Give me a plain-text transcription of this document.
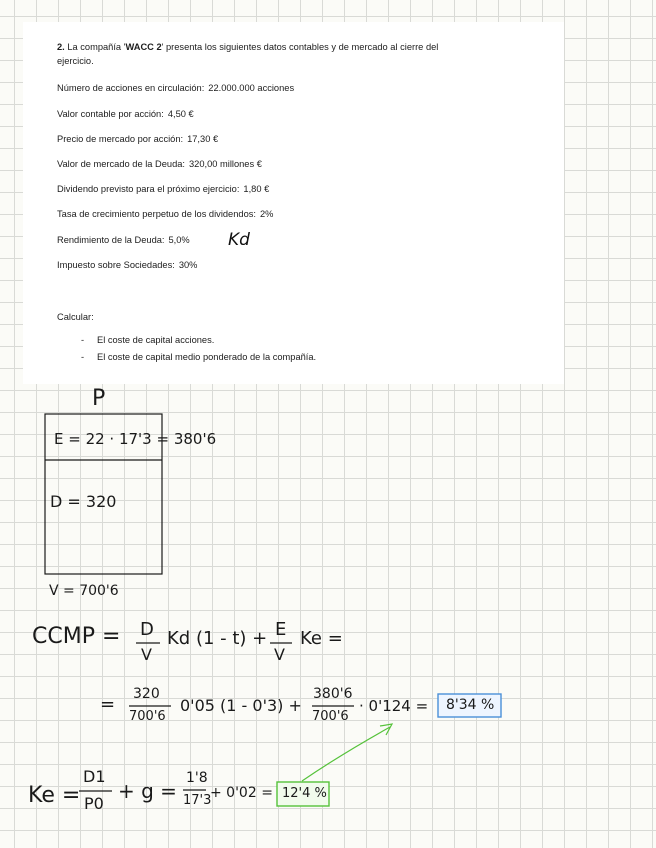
2. La compañía 'WACC 2' presenta los siguientes datos contables y de mercado al cierre del
ejercicio.

Número de acciones en circulación: 22.000.000 acciones
Valor contable por acción: 4,50 €
Precio de mercado por acción: 17,30 €
Valor de mercado de la Deuda: 320,00 millones €
Dividendo previsto para el próximo ejercicio: 1,80 €
Tasa de crecimiento perpetuo de los dividendos: 2%
Rendimiento de la Deuda: 5,0% Kd
Impuesto sobre Sociedades: 30%
Calcular:
- El coste de capital acciones.
- El coste de capital medio ponderado de la compañía.
P
E = 22 · 17'3 = 380'6
D = 320
V = 700'6
CCMP = D
V
Kd (1 - t) + E
V
Ke =
= 320
700'6
0'05 (1 - 0'3) +
380'6
700'6
· 0'124 = 8'34 %
Ke =
D1
P0
+ g =
1'8
17'3
+ 0'02 = 12'4 %
